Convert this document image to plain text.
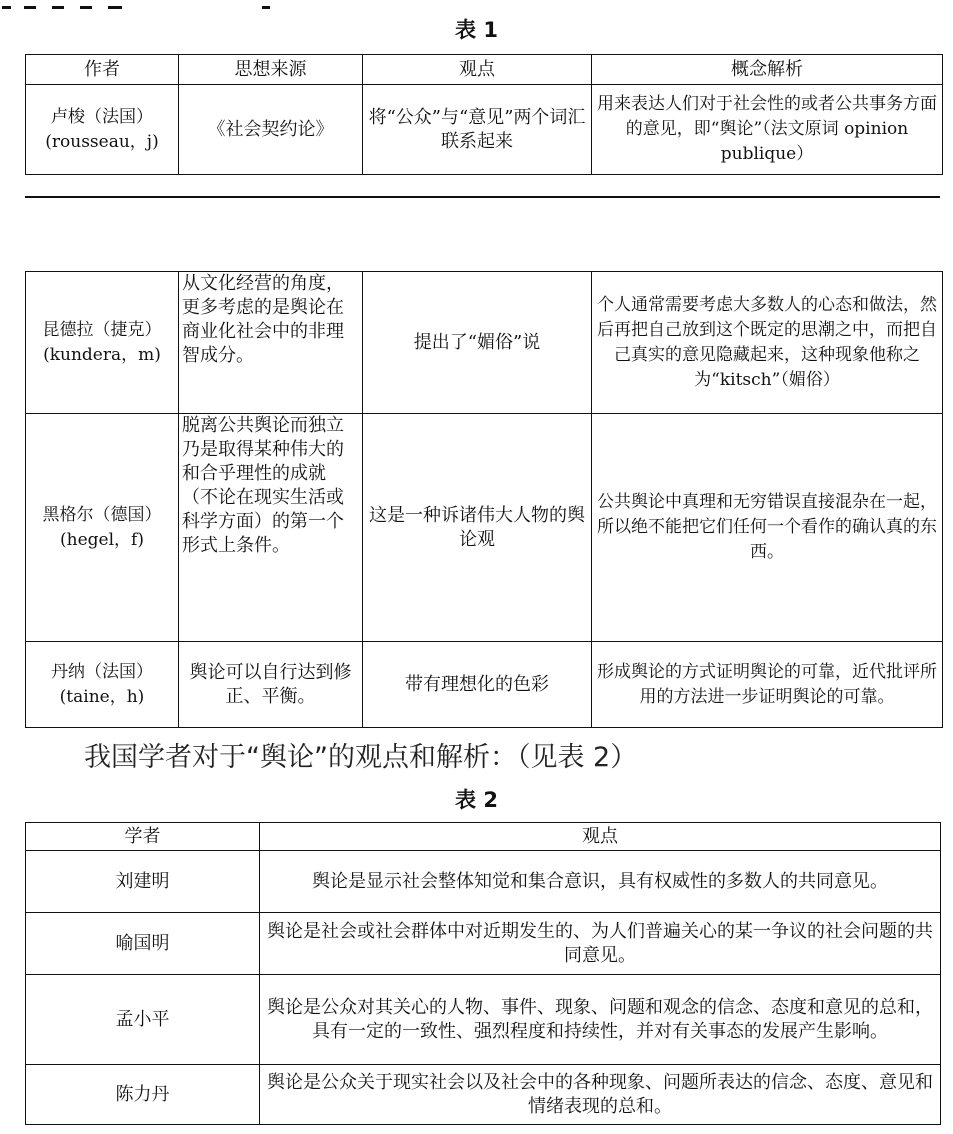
表 1
作者	思想来源	观点	概念解析
卢梭（法国）(rousseau，j)	《社会契约论》	将“公众”与“意见”两个词汇联系起来	用来表达人们对于社会性的或者公共事务方面的意见，即“舆论”（法文原词 opinion publique）
昆德拉（捷克）(kundera，m)	从文化经营的角度，更多考虑的是舆论在商业化社会中的非理智成分。	提出了“媚俗”说	个人通常需要考虑大多数人的心态和做法，然后再把自己放到这个既定的思潮之中，而把自己真实的意见隐藏起来，这种现象他称之为“kitsch”（媚俗）
黑格尔（德国）(hegel，f)	脱离公共舆论而独立乃是取得某种伟大的和合乎理性的成就（不论在现实生活或科学方面）的第一个形式上条件。	这是一种诉诸伟大人物的舆论观	公共舆论中真理和无穷错误直接混杂在一起，所以绝不能把它们任何一个看作的确认真的东西。
丹纳（法国）(taine，h)	舆论可以自行达到修正、平衡。	带有理想化的色彩	形成舆论的方式证明舆论的可靠，近代批评所用的方法进一步证明舆论的可靠。
我国学者对于“舆论”的观点和解析：（见表 2）
表 2
学者	观点
刘建明	舆论是显示社会整体知觉和集合意识，具有权威性的多数人的共同意见。
喻国明	舆论是社会或社会群体中对近期发生的、为人们普遍关心的某一争议的社会问题的共同意见。
孟小平	舆论是公众对其关心的人物、事件、现象、问题和观念的信念、态度和意见的总和，具有一定的一致性、强烈程度和持续性，并对有关事态的发展产生影响。
陈力丹	舆论是公众关于现实社会以及社会中的各种现象、问题所表达的信念、态度、意见和情绪表现的总和。
